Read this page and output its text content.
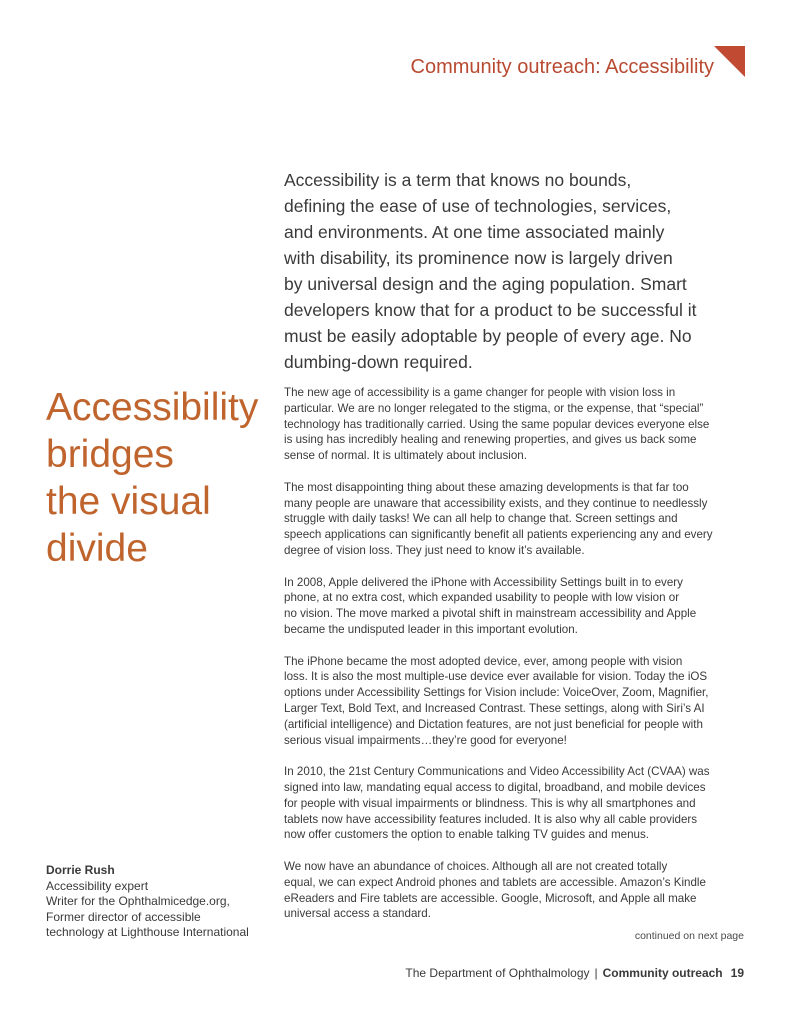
Community outreach: Accessibility
Accessibility is a term that knows no bounds,
defining the ease of use of technologies, services,
and environments. At one time associated mainly
with disability, its prominence now is largely driven
by universal design and the aging population. Smart
developers know that for a product to be successful it
must be easily adoptable by people of every age. No
dumbing-down required.
Accessibility
bridges
the visual
divide

The new age of accessibility is a game changer for people with vision loss in
particular. We are no longer relegated to the stigma, or the expense, that “special”
technology has traditionally carried. Using the same popular devices everyone else
is using has incredibly healing and renewing properties, and gives us back some
sense of normal. It is ultimately about inclusion.

The most disappointing thing about these amazing developments is that far too
many people are unaware that accessibility exists, and they continue to needlessly
struggle with daily tasks! We can all help to change that. Screen settings and
speech applications can significantly benefit all patients experiencing any and every
degree of vision loss. They just need to know it’s available.

In 2008, Apple delivered the iPhone with Accessibility Settings built in to every
phone, at no extra cost, which expanded usability to people with low vision or
no vision. The move marked a pivotal shift in mainstream accessibility and Apple
became the undisputed leader in this important evolution.

The iPhone became the most adopted device, ever, among people with vision
loss. It is also the most multiple-use device ever available for vision. Today the iOS
options under Accessibility Settings for Vision include: VoiceOver, Zoom, Magnifier,
Larger Text, Bold Text, and Increased Contrast. These settings, along with Siri’s AI
(artificial intelligence) and Dictation features, are not just beneficial for people with
serious visual impairments…they’re good for everyone!

In 2010, the 21st Century Communications and Video Accessibility Act (CVAA) was
signed into law, mandating equal access to digital, broadband, and mobile devices
for people with visual impairments or blindness. This is why all smartphones and
tablets now have accessibility features included. It is also why all cable providers
now offer customers the option to enable talking TV guides and menus.

We now have an abundance of choices. Although all are not created totally
equal, we can expect Android phones and tablets are accessible. Amazon’s Kindle
eReaders and Fire tablets are accessible. Google, Microsoft, and Apple all make
universal access a standard.

Dorrie Rush
Accessibility expert
Writer for the Ophthalmicedge.org,
Former director of accessible
technology at Lighthouse International	continued on next page
The Department of Ophthalmology | Community outreach 19
